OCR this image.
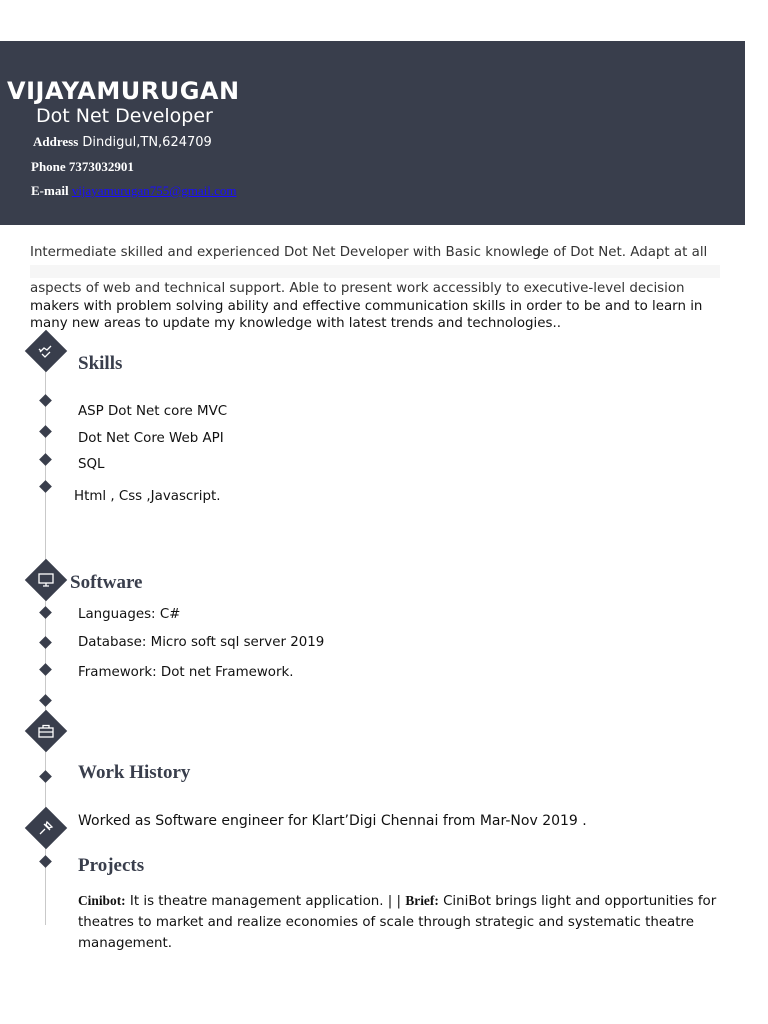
VIJAYAMURUGAN
Dot Net Developer
Address Dindigul,TN,624709
Phone 7373032901
E-mail vijayamurugan755@gmail.com
Intermediate skilled and experienced Dot Net Developer with Basic knowledge of Dot Net. Adapt at all
aspects of web and technical support. Able to present work accessibly to executive-level decision
makers with problem solving ability and effective communication skills in order to be and to learn in
many new areas to update my knowledge with latest trends and technologies..
Skills
ASP Dot Net core MVC
Dot Net Core Web API
SQL
Html , Css ,Javascript.
Software
Languages: C#
Database: Micro soft sql server 2019
Framework: Dot net Framework.
Work History
Worked as Software engineer for Klart’Digi Chennai from Mar-Nov 2019 .
Projects
Cinibot: It is theatre management application. | | Brief: CiniBot brings light and opportunities for theatres to market and realize economies of scale through strategic and systematic theatre management.
